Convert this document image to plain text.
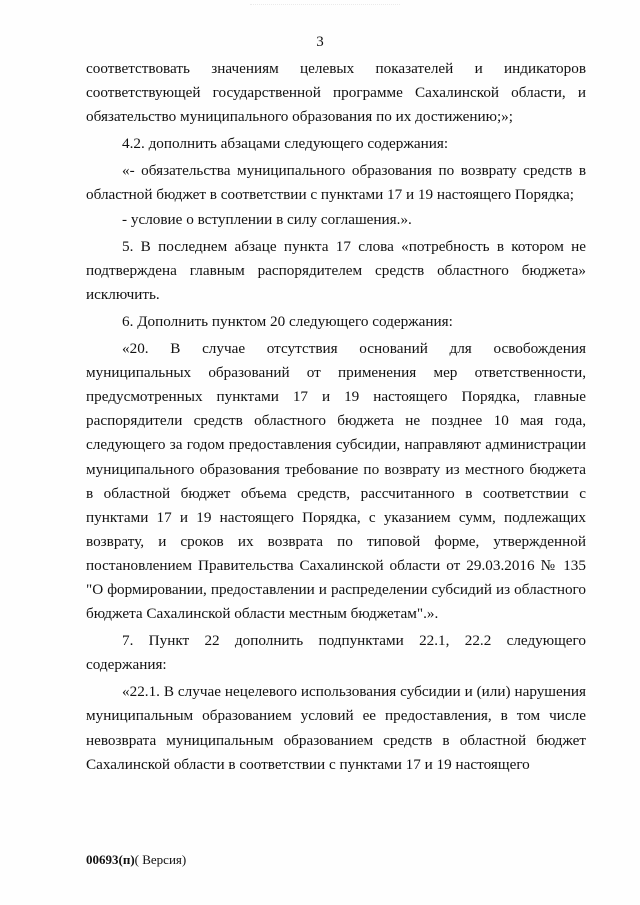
3

соответствовать значениям целевых показателей и индикаторов соответствующей государственной программе Сахалинской области, и обязательство муниципального образования по их достижению;»;

4.2. дополнить абзацами следующего содержания:

«- обязательства муниципального образования по возврату средств в областной бюджет в соответствии с пунктами 17 и 19 настоящего Порядка;

- условие о вступлении в силу соглашения.».

5. В последнем абзаце пункта 17 слова «потребность в котором не подтверждена главным распорядителем средств областного бюджета» исключить.

6. Дополнить пунктом 20 следующего содержания:

«20. В случае отсутствия оснований для освобождения муниципальных образований от применения мер ответственности, предусмотренных пунктами 17 и 19 настоящего Порядка, главные распорядители средств областного бюджета не позднее 10 мая года, следующего за годом предоставления субсидии, направляют администрации муниципального образования требование по возврату из местного бюджета в областной бюджет объема средств, рассчитанного в соответствии с пунктами 17 и 19 настоящего Порядка, с указанием сумм, подлежащих возврату, и сроков их возврата по типовой форме, утвержденной постановлением Правительства Сахалинской области от 29.03.2016 № 135 "О формировании, предоставлении и распределении субсидий из областного бюджета Сахалинской области местным бюджетам".».

7. Пункт 22 дополнить подпунктами 22.1, 22.2 следующего содержания:

«22.1. В случае нецелевого использования субсидии и (или) нарушения муниципальным образованием условий ее предоставления, в том числе невозврата муниципальным образованием средств в областной бюджет Сахалинской области в соответствии с пунктами 17 и 19 настоящего

00693(п)( Версия)
